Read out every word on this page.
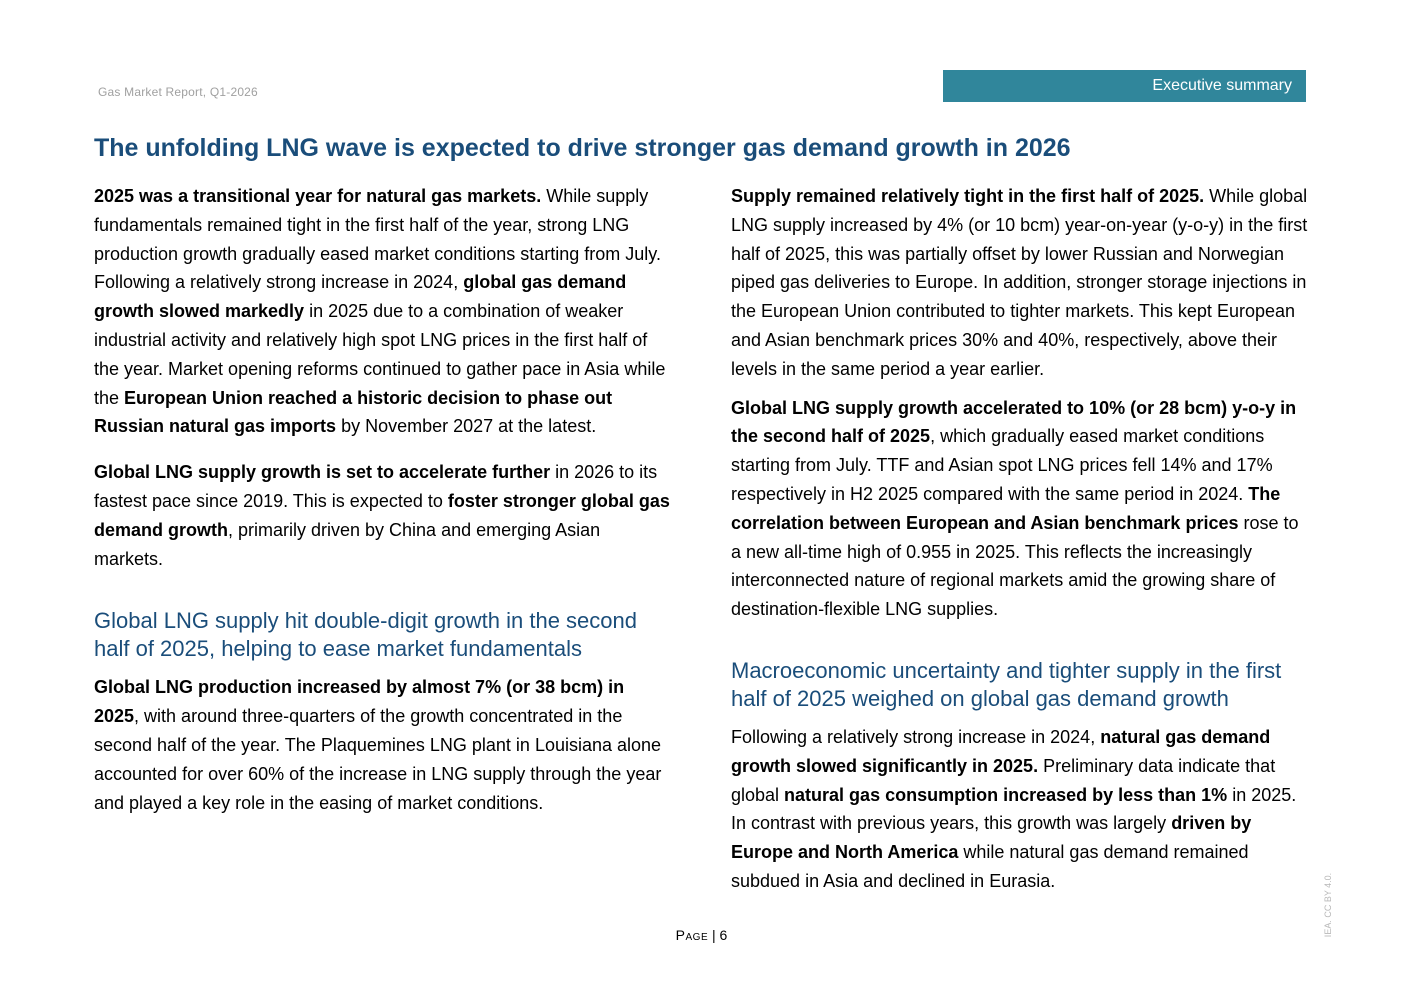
Gas Market Report, Q1-2026	Executive summary
The unfolding LNG wave is expected to drive stronger gas demand growth in 2026

2025 was a transitional year for natural gas markets. While supply fundamentals remained tight in the first half of the year, strong LNG production growth gradually eased market conditions starting from July. Following a relatively strong increase in 2024, global gas demand growth slowed markedly in 2025 due to a combination of weaker industrial activity and relatively high spot LNG prices in the first half of the year. Market opening reforms continued to gather pace in Asia while the European Union reached a historic decision to phase out Russian natural gas imports by November 2027 at the latest.

Global LNG supply growth is set to accelerate further in 2026 to its fastest pace since 2019. This is expected to foster stronger global gas demand growth, primarily driven by China and emerging Asian markets.

Global LNG supply hit double-digit growth in the second half of 2025, helping to ease market fundamentals

Global LNG production increased by almost 7% (or 38 bcm) in 2025, with around three-quarters of the growth concentrated in the second half of the year. The Plaquemines LNG plant in Louisiana alone accounted for over 60% of the increase in LNG supply through the year and played a key role in the easing of market conditions.

Supply remained relatively tight in the first half of 2025. While global LNG supply increased by 4% (or 10 bcm) year-on-year (y-o-y) in the first half of 2025, this was partially offset by lower Russian and Norwegian piped gas deliveries to Europe. In addition, stronger storage injections in the European Union contributed to tighter markets. This kept European and Asian benchmark prices 30% and 40%, respectively, above their levels in the same period a year earlier.

Global LNG supply growth accelerated to 10% (or 28 bcm) y-o-y in the second half of 2025, which gradually eased market conditions starting from July. TTF and Asian spot LNG prices fell 14% and 17% respectively in H2 2025 compared with the same period in 2024. The correlation between European and Asian benchmark prices rose to a new all-time high of 0.955 in 2025. This reflects the increasingly interconnected nature of regional markets amid the growing share of destination-flexible LNG supplies.

Macroeconomic uncertainty and tighter supply in the first half of 2025 weighed on global gas demand growth

Following a relatively strong increase in 2024, natural gas demand growth slowed significantly in 2025. Preliminary data indicate that global natural gas consumption increased by less than 1% in 2025. In contrast with previous years, this growth was largely driven by Europe and North America while natural gas demand remained subdued in Asia and declined in Eurasia.

Page | 6	IEA. CC BY 4.0.
